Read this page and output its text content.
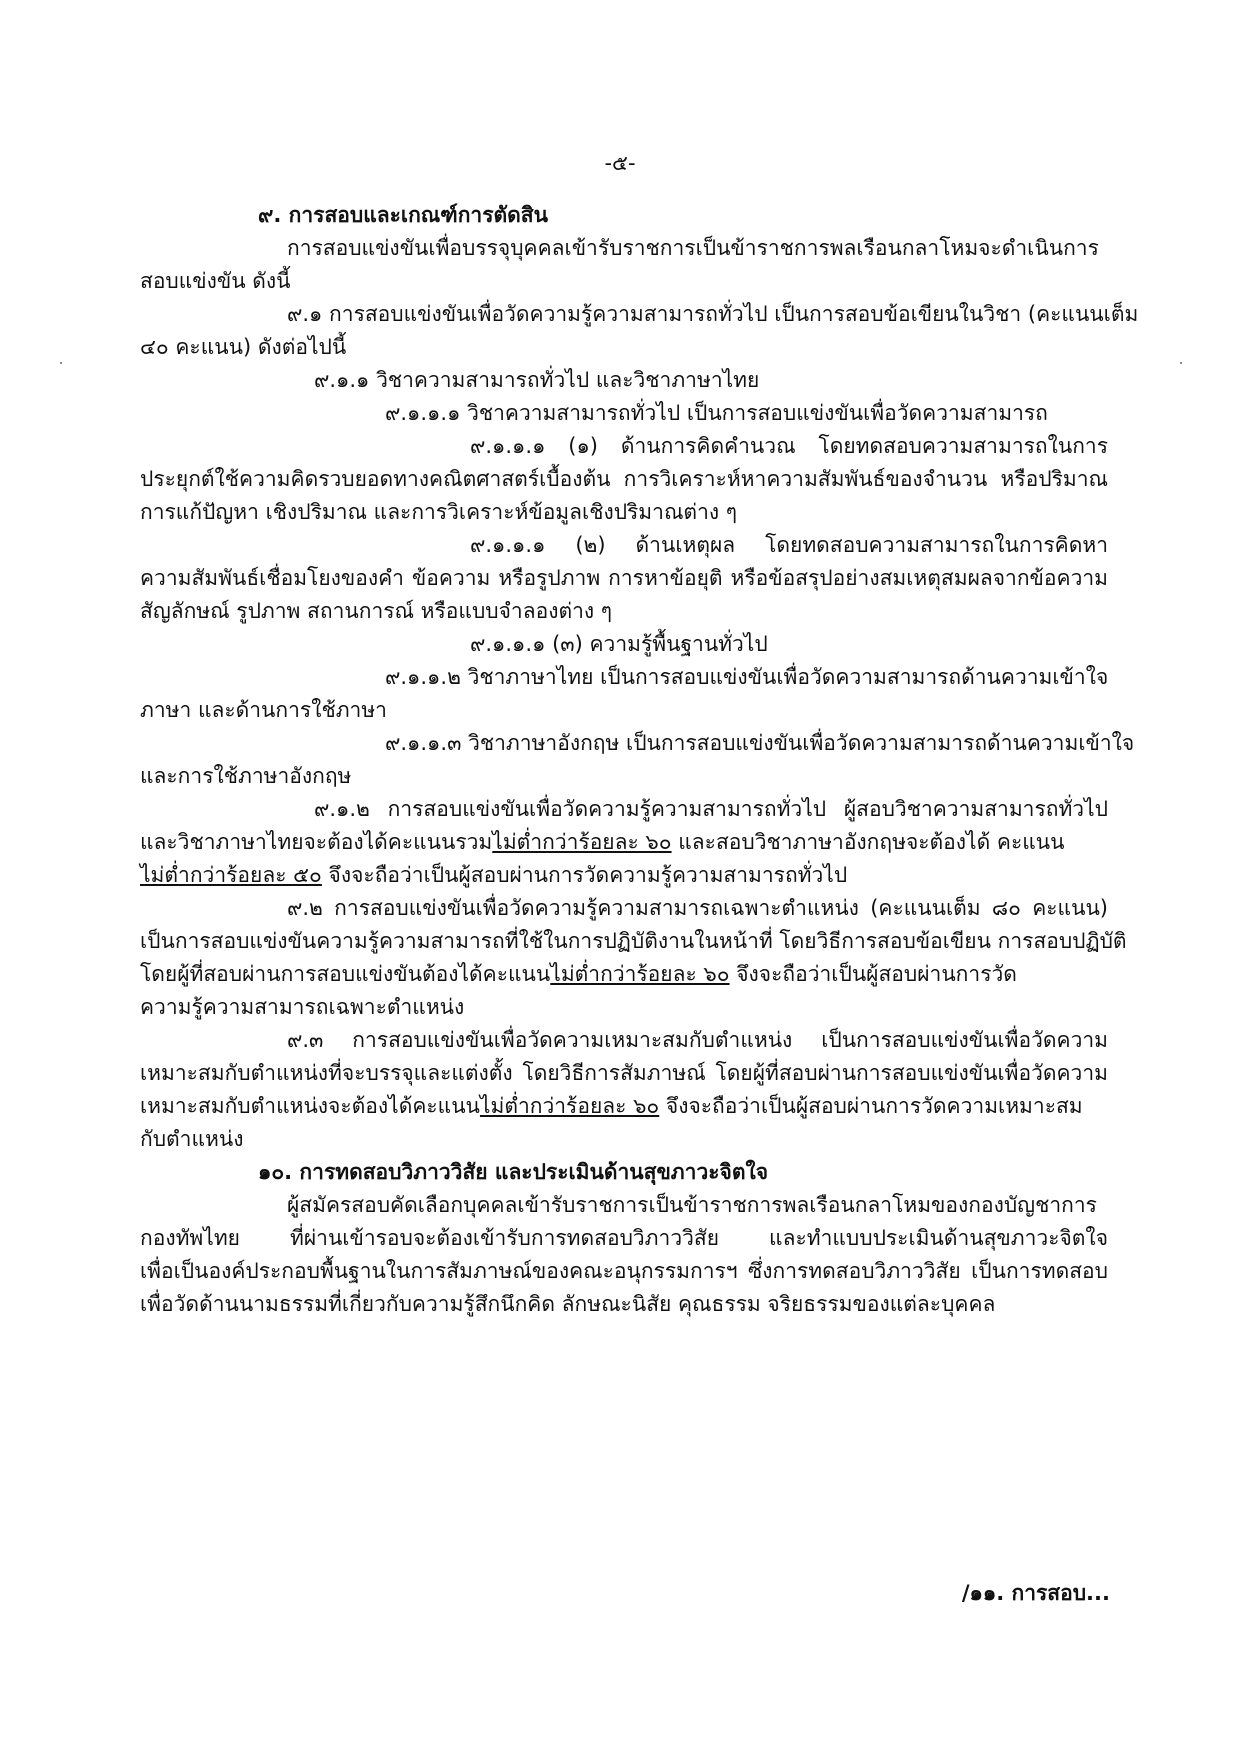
-๕-

๙. การสอบและเกณฑ์การตัดสิน

การสอบแข่งขันเพื่อบรรจุบุคคลเข้ารับราชการเป็นข้าราชการพลเรือนกลาโหมจะดำเนินการ

สอบแข่งขัน ดังนี้

๙.๑ การสอบแข่งขันเพื่อวัดความรู้ความสามารถทั่วไป เป็นการสอบข้อเขียนในวิชา (คะแนนเต็ม

๔๐ คะแนน) ดังต่อไปนี้

๙.๑.๑ วิชาความสามารถทั่วไป และวิชาภาษาไทย

๙.๑.๑.๑ วิชาความสามารถทั่วไป เป็นการสอบแข่งขันเพื่อวัดความสามารถ

๙.๑.๑.๑ (๑) ด้านการคิดคำนวณ โดยทดสอบความสามารถในการ

ประยุกต์ใช้ความคิดรวบยอดทางคณิตศาสตร์เบื้องต้น การวิเคราะห์หาความสัมพันธ์ของจำนวน หรือปริมาณ

การแก้ปัญหา เชิงปริมาณ และการวิเคราะห์ข้อมูลเชิงปริมาณต่าง ๆ

๙.๑.๑.๑ (๒) ด้านเหตุผล โดยทดสอบความสามารถในการคิดหา

ความสัมพันธ์เชื่อมโยงของคำ ข้อความ หรือรูปภาพ การหาข้อยุติ หรือข้อสรุปอย่างสมเหตุสมผลจากข้อความ

สัญลักษณ์ รูปภาพ สถานการณ์ หรือแบบจำลองต่าง ๆ

๙.๑.๑.๑ (๓) ความรู้พื้นฐานทั่วไป

๙.๑.๑.๒ วิชาภาษาไทย เป็นการสอบแข่งขันเพื่อวัดความสามารถด้านความเข้าใจ

ภาษา และด้านการใช้ภาษา

๙.๑.๑.๓ วิชาภาษาอังกฤษ เป็นการสอบแข่งขันเพื่อวัดความสามารถด้านความเข้าใจ

และการใช้ภาษาอังกฤษ

๙.๑.๒ การสอบแข่งขันเพื่อวัดความรู้ความสามารถทั่วไป ผู้สอบวิชาความสามารถทั่วไป

และวิชาภาษาไทยจะต้องได้คะแนนรวมไม่ต่ำกว่าร้อยละ ๖๐ และสอบวิชาภาษาอังกฤษจะต้องได้ คะแนน

ไม่ต่ำกว่าร้อยละ ๕๐ จึงจะถือว่าเป็นผู้สอบผ่านการวัดความรู้ความสามารถทั่วไป

๙.๒ การสอบแข่งขันเพื่อวัดความรู้ความสามารถเฉพาะตำแหน่ง (คะแนนเต็ม ๘๐ คะแนน)

เป็นการสอบแข่งขันความรู้ความสามารถที่ใช้ในการปฏิบัติงานในหน้าที่ โดยวิธีการสอบข้อเขียน การสอบปฏิบัติ

โดยผู้ที่สอบผ่านการสอบแข่งขันต้องได้คะแนนไม่ต่ำกว่าร้อยละ ๖๐ จึงจะถือว่าเป็นผู้สอบผ่านการวัด

ความรู้ความสามารถเฉพาะตำแหน่ง

๙.๓ การสอบแข่งขันเพื่อวัดความเหมาะสมกับตำแหน่ง เป็นการสอบแข่งขันเพื่อวัดความ

เหมาะสมกับตำแหน่งที่จะบรรจุและแต่งตั้ง โดยวิธีการสัมภาษณ์ โดยผู้ที่สอบผ่านการสอบแข่งขันเพื่อวัดความ

เหมาะสมกับตำแหน่งจะต้องได้คะแนนไม่ต่ำกว่าร้อยละ ๖๐ จึงจะถือว่าเป็นผู้สอบผ่านการวัดความเหมาะสม

กับตำแหน่ง

๑๐. การทดสอบวิภาววิสัย และประเมินด้านสุขภาวะจิตใจ

ผู้สมัครสอบคัดเลือกบุคคลเข้ารับราชการเป็นข้าราชการพลเรือนกลาโหมของกองบัญชาการ

กองทัพไทย ที่ผ่านเข้ารอบจะต้องเข้ารับการทดสอบวิภาววิสัย และทำแบบประเมินด้านสุขภาวะจิตใจ

เพื่อเป็นองค์ประกอบพื้นฐานในการสัมภาษณ์ของคณะอนุกรรมการฯ ซึ่งการทดสอบวิภาววิสัย เป็นการทดสอบ

เพื่อวัดด้านนามธรรมที่เกี่ยวกับความรู้สึกนึกคิด ลักษณะนิสัย คุณธรรม จริยธรรมของแต่ละบุคคล

/๑๑. การสอบ...
